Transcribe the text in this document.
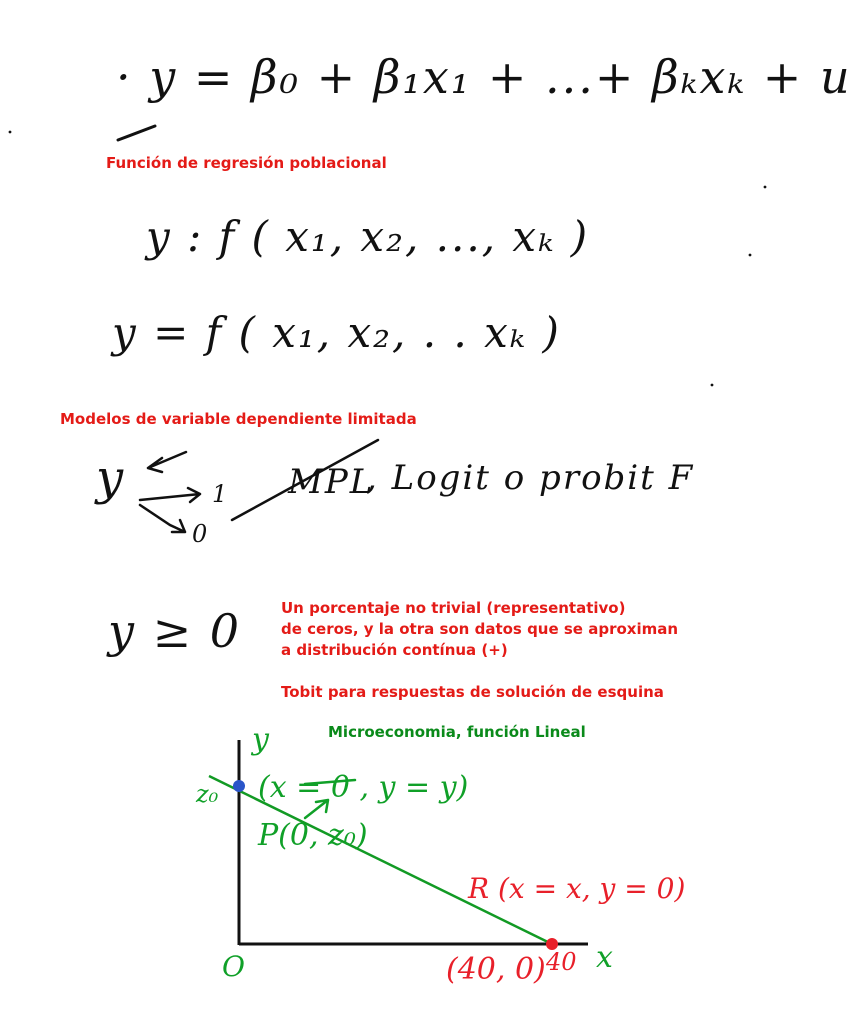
· y = β₀ + β₁x₁ + ...+ βₖxₖ + u
Función de regresión poblacional
y : f ( x₁, x₂, ..., xₖ )
y = f ( x₁, x₂, . . xₖ )
Modelos de variable dependiente limitada
y	1
0
MPL
, Logit o probit F
y ≥ 0	Un porcentaje no trivial (representativo)
de ceros, y la otra son datos que se aproximan
a distribución contínua (+)
Tobit para respuestas de solución de esquina
Microeconomia, función Lineal
y
z₀ (x = 0 , y = y)
P(0, z₀)
O	x
R (x = x, y = 0)
(40, 0) 40
